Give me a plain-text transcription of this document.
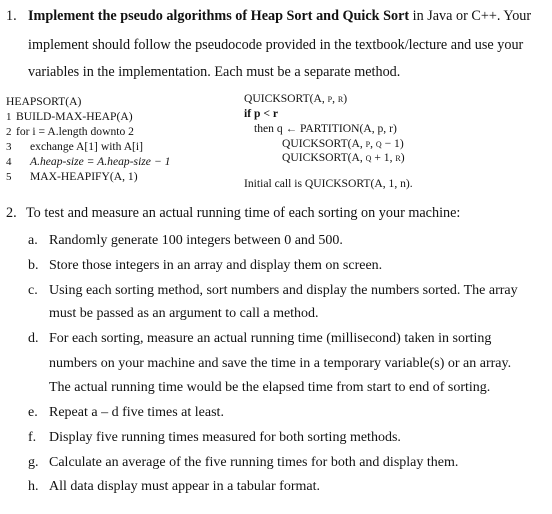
1. Implement the pseudo algorithms of Heap Sort and Quick Sort in Java or C++. Your
implement should follow the pseudocode provided in the textbook/lecture and use your
variables in the implementation. Each must be a separate method.
HEAPSORT(A)
1 BUILD-MAX-HEAP(A)
2 for i = A.length downto 2
3 exchange A[1] with A[i]
4 A.heap-size = A.heap-size − 1
5 MAX-HEAPIFY(A, 1)
QUICKSORT(A, p, r)
if p < r
then q ← PARTITION(A, p, r)
QUICKSORT(A, p, q − 1)
QUICKSORT(A, q + 1, r)
Initial call is QUICKSORT(A, 1, n).
2. To test and measure an actual running time of each sorting on your machine:
a. Randomly generate 100 integers between 0 and 500.
b. Store those integers in an array and display them on screen.
c. Using each sorting method, sort numbers and display the numbers sorted. The array
must be passed as an argument to call a method.
d. For each sorting, measure an actual running time (millisecond) taken in sorting
numbers on your machine and save the time in a temporary variable(s) or an array.
The actual running time would be the elapsed time from start to end of sorting.
e. Repeat a – d five times at least.
f. Display five running times measured for both sorting methods.
g. Calculate an average of the five running times for both and display them.
h. All data display must appear in a tabular format.
